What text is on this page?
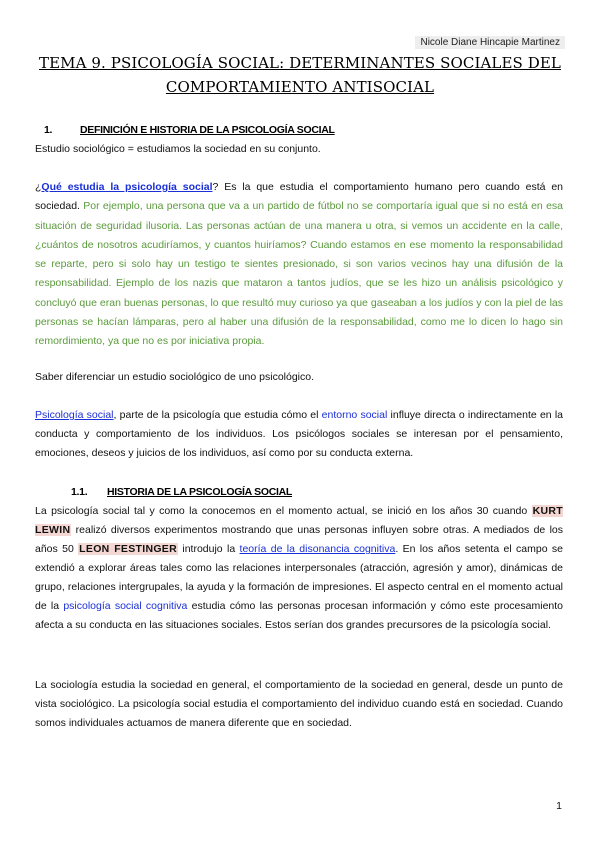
Nicole Diane Hincapie Martinez
TEMA 9. PSICOLOGÍA SOCIAL: DETERMINANTES SOCIALES DEL
COMPORTAMIENTO ANTISOCIAL
1.	DEFINICIÓN E HISTORIA DE LA PSICOLOGÍA SOCIAL

Estudio sociológico = estudiamos la sociedad en su conjunto.

¿Qué estudia la psicología social? Es la que estudia el comportamiento humano pero cuando está en sociedad. Por ejemplo, una persona que va a un partido de fútbol no se comportaría igual que si no está en esa situación de seguridad ilusoria. Las personas actúan de una manera u otra, si vemos un accidente en la calle, ¿cuántos de nosotros acudiríamos, y cuantos huiríamos? Cuando estamos en ese momento la responsabilidad se reparte, pero si solo hay un testigo te sientes presionado, si son varios vecinos hay una difusión de la responsabilidad. Ejemplo de los nazis que mataron a tantos judíos, que se les hizo un análisis psicológico y concluyó que eran buenas personas, lo que resultó muy curioso ya que gaseaban a los judíos y con la piel de las personas se hacían lámparas, pero al haber una difusión de la responsabilidad, como me lo dicen lo hago sin remordimiento, ya que no es por iniciativa propia.

Saber diferenciar un estudio sociológico de uno psicológico.

Psicología social, parte de la psicología que estudia cómo el entorno social influye directa o indirectamente en la conducta y comportamiento de los individuos. Los psicólogos sociales se interesan por el pensamiento, emociones, deseos y juicios de los individuos, así como por su conducta externa.

1.1. HISTORIA DE LA PSICOLOGÍA SOCIAL

La psicología social tal y como la conocemos en el momento actual, se inició en los años 30 cuando KURT LEWIN realizó diversos experimentos mostrando que unas personas influyen sobre otras. A mediados de los años 50 LEON FESTINGER introdujo la teoría de la disonancia cognitiva. En los años setenta el campo se extendió a explorar áreas tales como las relaciones interpersonales (atracción, agresión y amor), dinámicas de grupo, relaciones intergrupales, la ayuda y la formación de impresiones. El aspecto central en el momento actual de la psicología social cognitiva estudia cómo las personas procesan información y cómo este procesamiento afecta a su conducta en las situaciones sociales. Estos serían dos grandes precursores de la psicología social.

La sociología estudia la sociedad en general, el comportamiento de la sociedad en general, desde un punto de vista sociológico. La psicología social estudia el comportamiento del individuo cuando está en sociedad. Cuando somos individuales actuamos de manera diferente que en sociedad.

1
